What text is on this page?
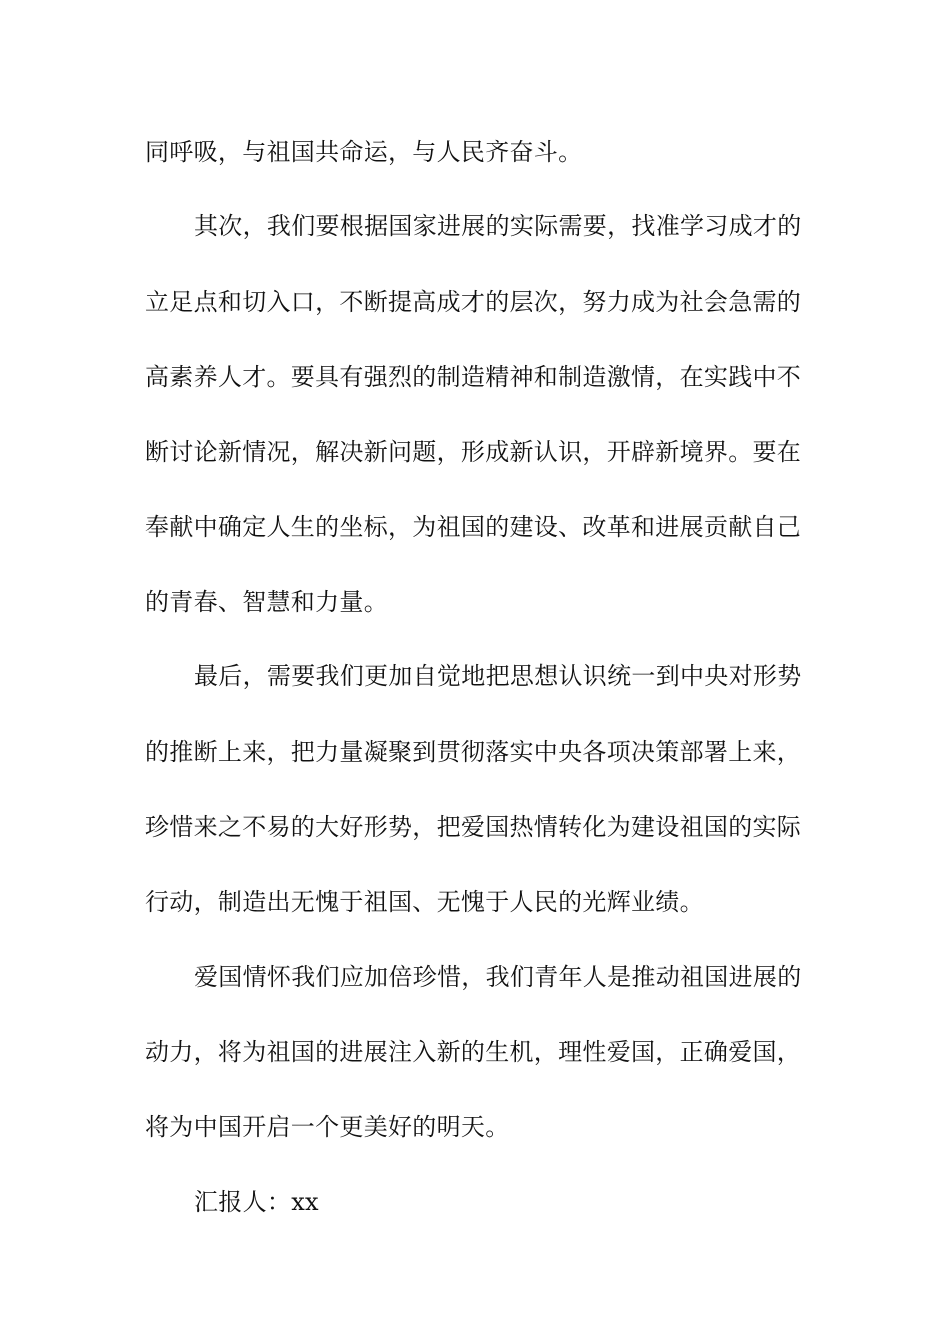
同呼吸，与祖国共命运，与人民齐奋斗。
其次，我们要根据国家进展的实际需要，找准学习成才的
立足点和切入口，不断提高成才的层次，努力成为社会急需的
高素养人才。要具有强烈的制造精神和制造激情，在实践中不
断讨论新情况，解决新问题，形成新认识，开辟新境界。要在
奉献中确定人生的坐标，为祖国的建设、改革和进展贡献自己
的青春、智慧和力量。
最后，需要我们更加自觉地把思想认识统一到中央对形势
的推断上来，把力量凝聚到贯彻落实中央各项决策部署上来，
珍惜来之不易的大好形势，把爱国热情转化为建设祖国的实际
行动，制造出无愧于祖国、无愧于人民的光辉业绩。
爱国情怀我们应加倍珍惜，我们青年人是推动祖国进展的
动力，将为祖国的进展注入新的生机，理性爱国，正确爱国，
将为中国开启一个更美好的明天。
汇报人：xx
